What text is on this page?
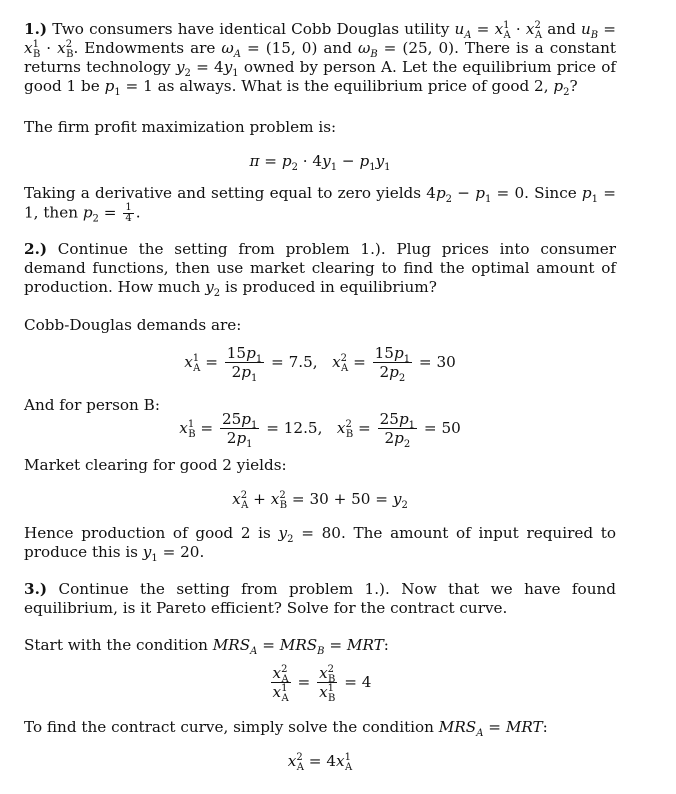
1.) Two consumers have identical Cobb Douglas utility $u_A = x^1_A \cdot x^2_A$ and $u_B = x^1_B \cdot x^2_B$. Endowments are $\omega_A = (15$, 0) and $\omega_B = (25$, 0). There is a constant returns technology $y_2 = 4y_1$ owned by person A. Let the equilibrium price of good 1 be $p_1 = 1$ as always. What is the equilibrium price of good 2, $p_2$?
The firm profit maximization problem is:
$\pi = p_2 \cdot 4y_1 - p_1y_1$
Taking a derivative and setting equal to zero yields $4p_2 - p_1 = 0$. Since $p_1 = 1$, then $p_2 = \frac{1}{4}$ .
2.) Continue the setting from problem 1.). Plug prices into consumer demand functions, then use market clearing to find the optimal amount of production. How much $y_2$ is produced in equilibrium?
Cobb-Douglas demands are:
$x^1_A = \frac{15p_1}{2p_1} = 7.5$,   $x^2_A = \frac{15p_1}{2p_2} = 30$
And for person B:
$x^1_B = \frac{25p_1}{2p_1} = 12.5$,   $x^2_B = \frac{25p_1}{2p_2} = 50$
Market clearing for good 2 yields:
$x^2_A + x^2_B = 30 + 50 = y_2$
Hence production of good 2 is $y_2 = 80$. The amount of input required to produce this is $y_1 = 20$.
3.) Continue the setting from problem 1.). Now that we have found equilibrium, is it Pareto efficient? Solve for the contract curve.
Start with the condition $MRS_A = MRS_B$ = MRT:
$\frac{x^2_A}{x^1_A} = \frac{x^2_B}{x^1_B} = 4$
To find the contract curve, simply solve the condition $MRS_A$ = MRT:
$x^2_A = 4x^1_A$
